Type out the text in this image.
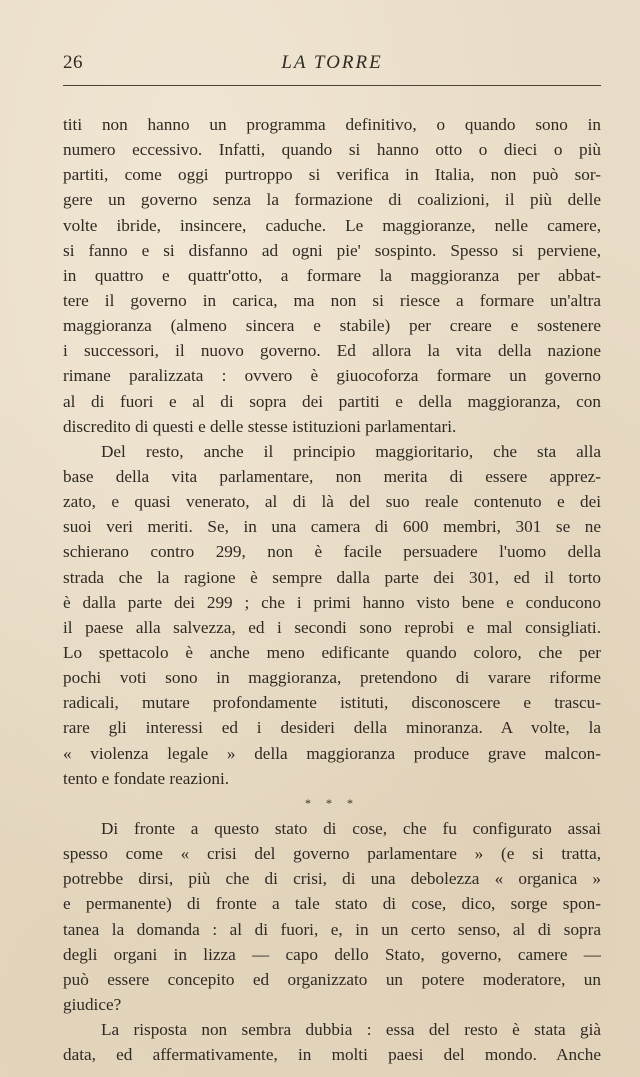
26	LA TORRE
titi non hanno un programma definitivo, o quando sono in
numero eccessivo. Infatti, quando si hanno otto o dieci o più
partiti, come oggi purtroppo si verifica in Italia, non può sor-
gere un governo senza la formazione di coalizioni, il più delle
volte ibride, insincere, caduche. Le maggioranze, nelle camere,
si fanno e si disfanno ad ogni pie' sospinto. Spesso si perviene,
in quattro e quattr'otto, a formare la maggioranza per abbat-
tere il governo in carica, ma non si riesce a formare un'altra
maggioranza (almeno sincera e stabile) per creare e sostenere
i successori, il nuovo governo. Ed allora la vita della nazione
rimane paralizzata : ovvero è giuocoforza formare un governo
al di fuori e al di sopra dei partiti e della maggioranza, con
discredito di questi e delle stesse istituzioni parlamentari.
Del resto, anche il principio maggioritario, che sta alla
base della vita parlamentare, non merita di essere apprez-
zato, e quasi venerato, al di là del suo reale contenuto e dei
suoi veri meriti. Se, in una camera di 600 membri, 301 se ne
schierano contro 299, non è facile persuadere l'uomo della
strada che la ragione è sempre dalla parte dei 301, ed il torto
è dalla parte dei 299 ; che i primi hanno visto bene e conducono
il paese alla salvezza, ed i secondi sono reprobi e mal consigliati.
Lo spettacolo è anche meno edificante quando coloro, che per
pochi voti sono in maggioranza, pretendono di varare riforme
radicali, mutare profondamente istituti, disconoscere e trascu-
rare gli interessi ed i desideri della minoranza. A volte, la
« violenza legale » della maggioranza produce grave malcon-
tento e fondate reazioni.
* * *
Di fronte a questo stato di cose, che fu configurato assai
spesso come « crisi del governo parlamentare » (e si tratta,
potrebbe dirsi, più che di crisi, di una debolezza « organica »
e permanente) di fronte a tale stato di cose, dico, sorge spon-
tanea la domanda : al di fuori, e, in un certo senso, al di sopra
degli organi in lizza — capo dello Stato, governo, camere —
può essere concepito ed organizzato un potere moderatore, un
giudice?
La risposta non sembra dubbia : essa del resto è stata già
data, ed affermativamente, in molti paesi del mondo. Anche
